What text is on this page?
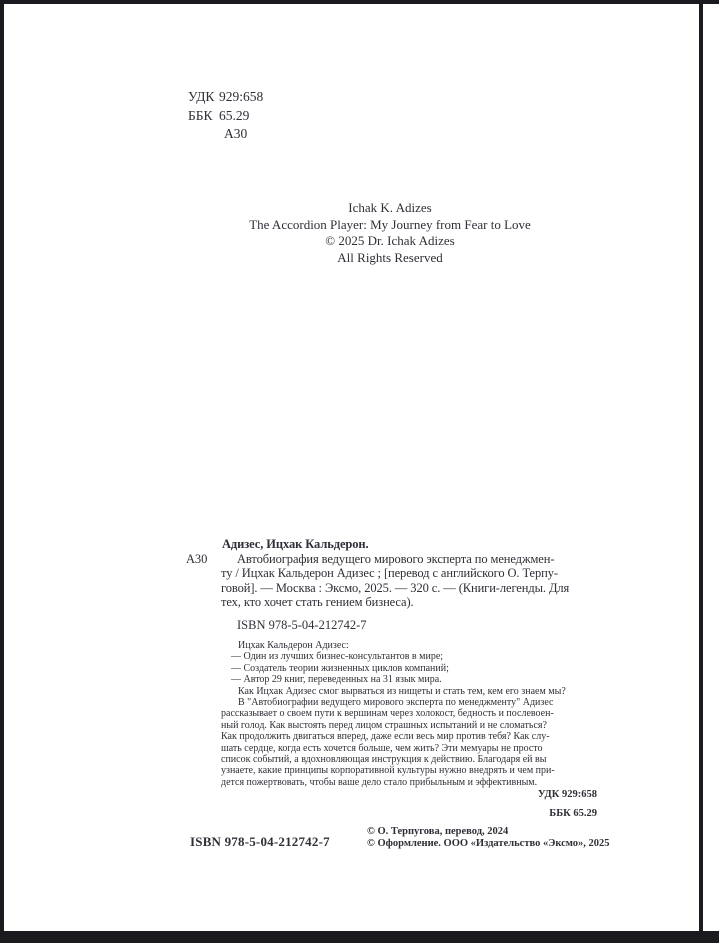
УДК 929:658
ББК 65.29
А30
Ichak K. Adizes
The Accordion Player: My Journey from Fear to Love
© 2025 Dr. Ichak Adizes
All Rights Reserved
Адизес, Ицхак Кальдерон.
А30	Автобиография ведущего мирового эксперта по менеджмен-
ту / Ицхак Кальдерон Адизес ; [перевод с английского О. Терпу-
говой]. — Москва : Эксмо, 2025. — 320 с. — (Книги-легенды. Для
тех, кто хочет стать гением бизнеса).
ISBN 978-5-04-212742-7
Ицхак Кальдерон Адизес:
— Один из лучших бизнес-консультантов в мире;
— Создатель теории жизненных циклов компаний;
— Автор 29 книг, переведенных на 31 язык мира.
Как Ицхак Адизес смог вырваться из нищеты и стать тем, кем его знаем мы?
В "Автобиографии ведущего мирового эксперта по менеджменту" Адизес
рассказывает о своем пути к вершинам через холокост, бедность и послевоен-
ный голод. Как выстоять перед лицом страшных испытаний и не сломаться?
Как продолжить двигаться вперед, даже если весь мир против тебя? Как слу-
шать сердце, когда есть хочется больше, чем жить? Эти мемуары не просто
список событий, а вдохновляющая инструкция к действию. Благодаря ей вы
узнаете, какие принципы корпоративной культуры нужно внедрять и чем при-
дется пожертвовать, чтобы ваше дело стало прибыльным и эффективным.
УДК 929:658
ББК 65.29
ISBN 978-5-04-212742-7
© О. Терпугова, перевод, 2024
© Оформление. ООО «Издательство «Эксмо», 2025
